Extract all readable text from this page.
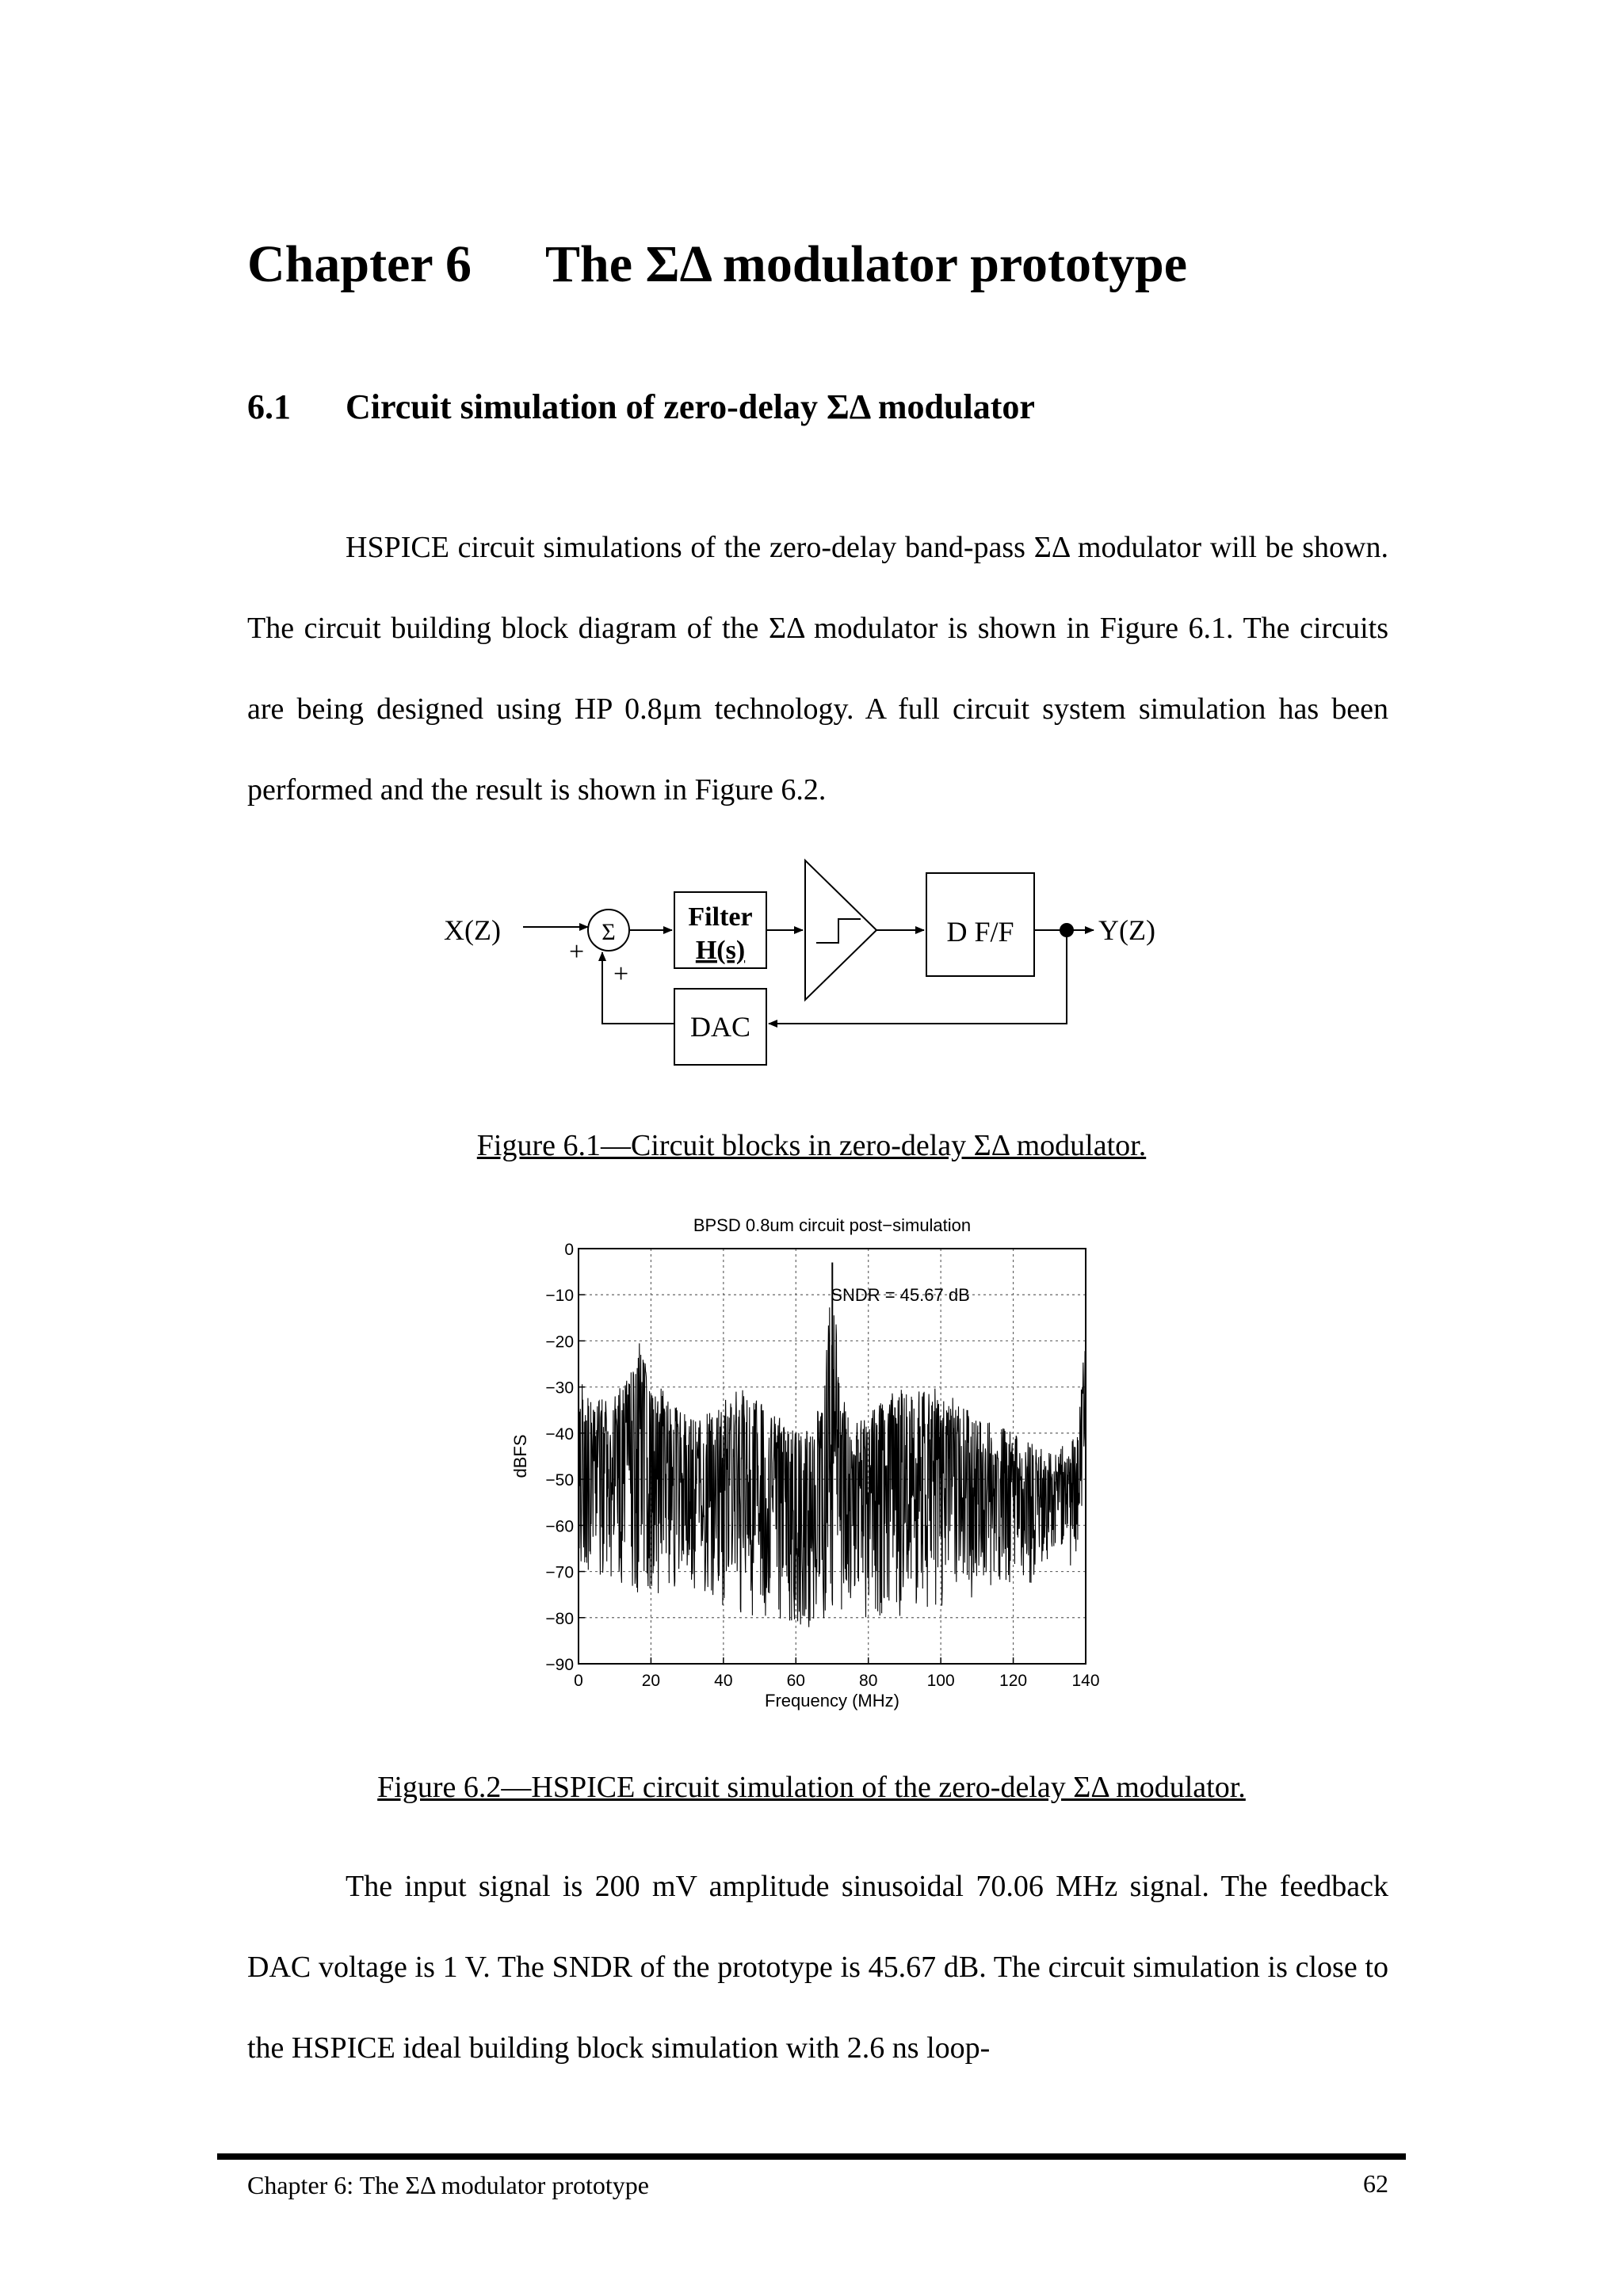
Chapter 6 The ΣΔ modulator prototype
6.1 Circuit simulation of zero-delay ΣΔ modulator

HSPICE circuit simulations of the zero-delay band-pass ΣΔ modulator will be shown. The circuit building block diagram of the ΣΔ modulator is shown in Figure 6.1. The circuits are being designed using HP 0.8μm technology. A full circuit system simulation has been performed and the result is shown in Figure 6.2.

X(Z)	Σ
+
+
Filter
H(s)
D F/F
DAC
Y(Z)
Figure 6.1—Circuit blocks in zero-delay ΣΔ modulator.
0	20	40	60	80	100	120	140
0
−10
−20
−30
−40
−50
−60
−70
−80
−90
BPSD 0.8um circuit post−simulation
Frequency (MHz)
dBFS
SNDR = 45.67 dB
Figure 6.2—HSPICE circuit simulation of the zero-delay ΣΔ modulator.

The input signal is 200 mV amplitude sinusoidal 70.06 MHz signal. The feedback DAC voltage is 1 V. The SNDR of the prototype is 45.67 dB. The circuit simulation is close to the HSPICE ideal building block simulation with 2.6 ns loop-

Chapter 6: The ΣΔ modulator prototype	62
